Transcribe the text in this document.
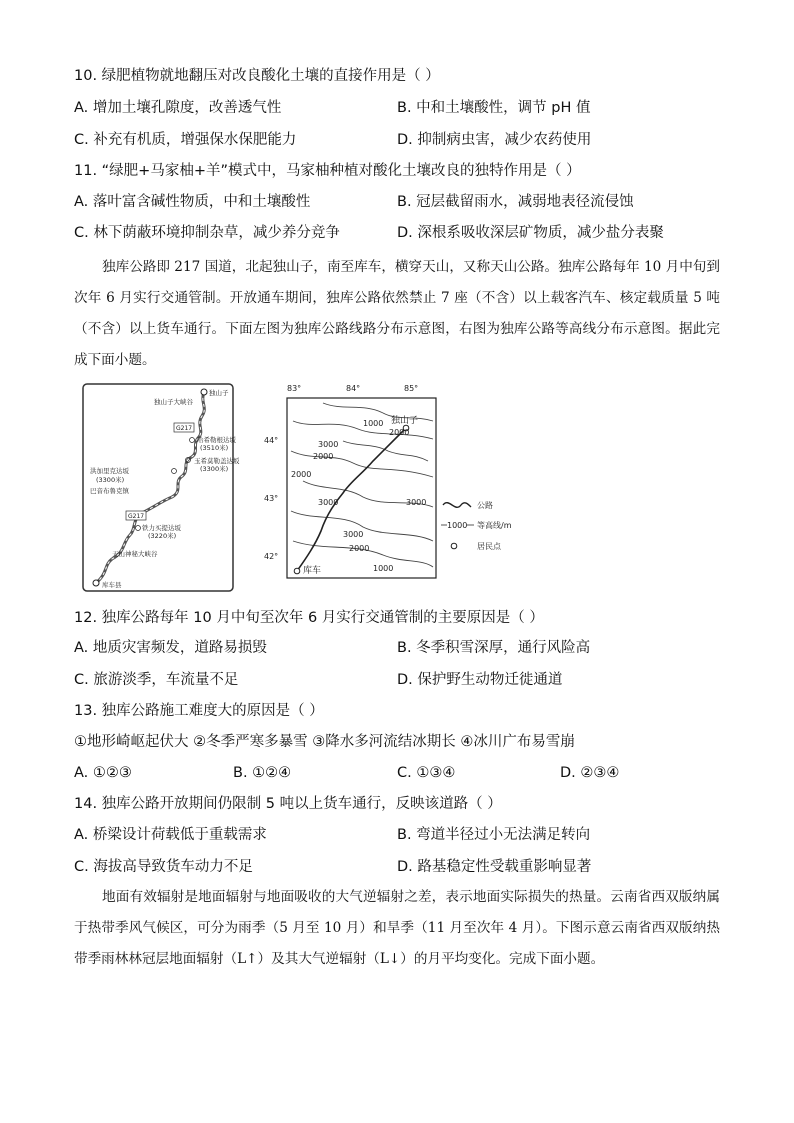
10. 绿肥植物就地翻压对改良酸化土壤的直接作用是（ ）
A. 增加土壤孔隙度，改善透气性	B. 中和土壤酸性，调节 pH 值
C. 补充有机质，增强保水保肥能力	D. 抑制病虫害，减少农药使用
11. “绿肥+马家柚+羊”模式中，马家柚种植对酸化土壤改良的独特作用是（ ）
A. 落叶富含碱性物质，中和土壤酸性	B. 冠层截留雨水，减弱地表径流侵蚀
C. 林下荫蔽环境抑制杂草，减少养分竞争	D. 深根系吸收深层矿物质，减少盐分表聚

独库公路即 217 国道，北起独山子，南至库车，横穿天山，又称天山公路。独库公路每年 10 月中旬到次年 6 月实行交通管制。开放通车期间，独库公路依然禁止 7 座（不含）以上载客汽车、核定载质量 5 吨（不含）以上货车通行。下面左图为独库公路线路分布示意图，右图为独库公路等高线分布示意图。据此完成下面小题。

独山子
独山子大峡谷
G217
哈希勒根达坂
(3510米)
玉希莫勒盖达坂
(3300米)
洪加里克达坂
(3300米)
巴音布鲁克镇
G217
铁力买提达坂
(3220米)
天山神秘大峡谷
库车县
83°	84°	85°
44°
43°
42°
1000
2000
3000
2000
3000
2000
3000
3000
2000
1000
独山子
库车
公路
1000 等高线/m
居民点
12. 独库公路每年 10 月中旬至次年 6 月实行交通管制的主要原因是（ ）
A. 地质灾害频发，道路易损毁	B. 冬季积雪深厚，通行风险高
C. 旅游淡季，车流量不足	D. 保护野生动物迁徙通道
13. 独库公路施工难度大的原因是（ ）
①地形崎岖起伏大 ②冬季严寒多暴雪 ③降水多河流结冰期长 ④冰川广布易雪崩
A. ①②③	B. ①②④	C. ①③④	D. ②③④
14. 独库公路开放期间仍限制 5 吨以上货车通行，反映该道路（ ）
A. 桥梁设计荷载低于重载需求	B. 弯道半径过小无法满足转向
C. 海拔高导致货车动力不足	D. 路基稳定性受载重影响显著

地面有效辐射是地面辐射与地面吸收的大气逆辐射之差，表示地面实际损失的热量。云南省西双版纳属于热带季风气候区，可分为雨季（5 月至 10 月）和旱季（11 月至次年 4 月）。下图示意云南省西双版纳热带季雨林林冠层地面辐射（L↑）及其大气逆辐射（L↓）的月平均变化。完成下面小题。
